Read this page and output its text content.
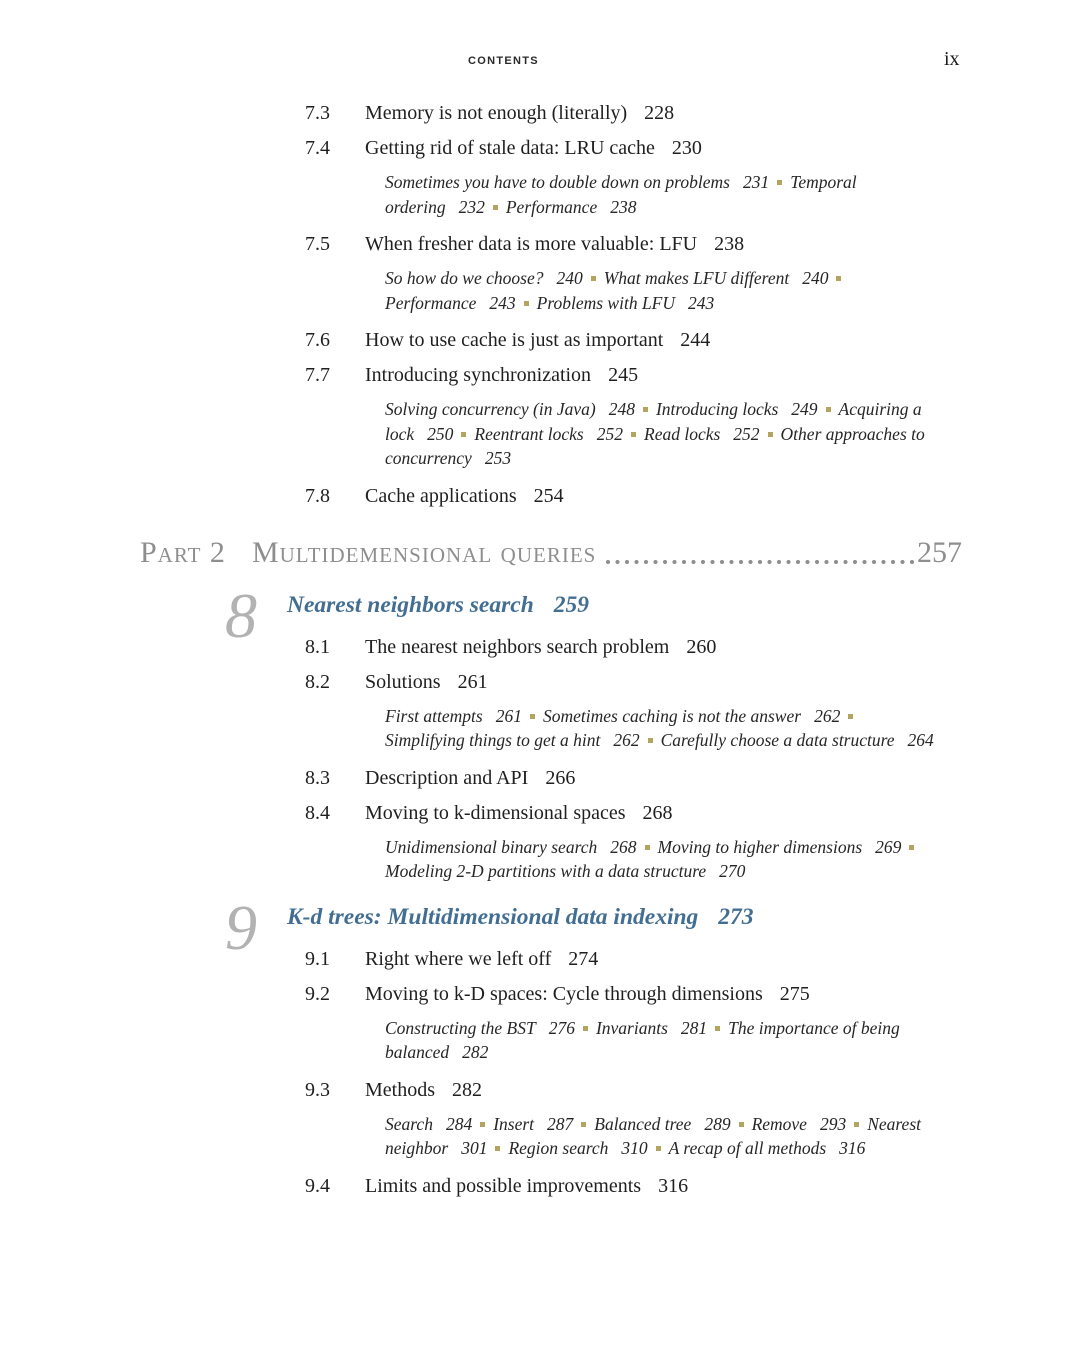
CONTENTS	ix
7.3 Memory is not enough (literally) 228
7.4 Getting rid of stale data: LRU cache 230
Sometimes you have to double down on problems 231 Temporal ordering 232 Performance 238
7.5 When fresher data is more valuable: LFU 238
So how do we choose? 240 What makes LFU different 240Performance 243 Problems with LFU 243
7.6 How to use cache is just as important 244
7.7 Introducing synchronization 245
Solving concurrency (in Java) 248 Introducing locks 249 Acquiring a lock 250 Reentrant locks 252 Read locks 252 Other approaches to concurrency 253
7.8 Cache applications 254
Part 2 Multidemensional queries	257
8 Nearest neighbors search 259
8.1 The nearest neighbors search problem 260
8.2 Solutions 261
First attempts 261 Sometimes caching is not the answer 262Simplifying things to get a hint 262 Carefully choose a data structure 264
8.3 Description and API 266
8.4 Moving to k-dimensional spaces 268
Unidimensional binary search 268 Moving to higher dimensions 269Modeling 2-D partitions with a data structure 270
9 K-d trees: Multidimensional data indexing 273
9.1 Right where we left off 274
9.2 Moving to k-D spaces: Cycle through dimensions 275
Constructing the BST 276 Invariants 281 The importance of being balanced 282
9.3 Methods 282
Search 284 Insert 287 Balanced tree 289 Remove 293 Nearest neighbor 301 Region search 310 A recap of all methods 316
9.4 Limits and possible improvements 316
